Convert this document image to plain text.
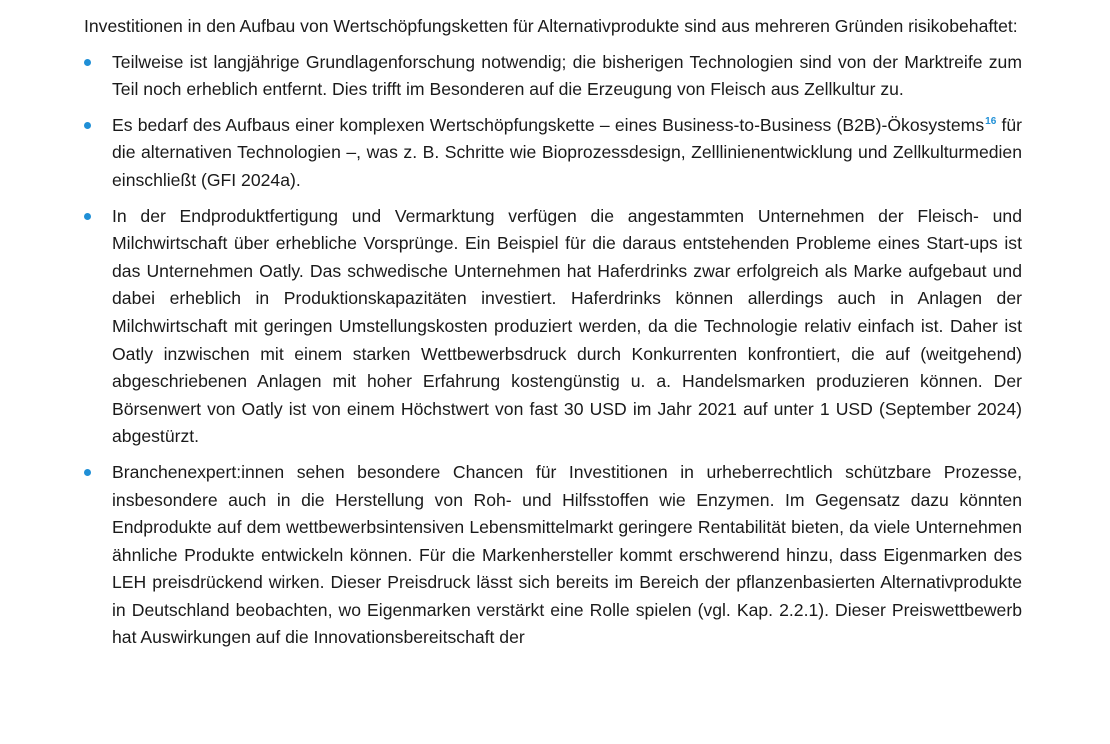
Investitionen in den Aufbau von Wertschöpfungsketten für Alternativprodukte sind aus mehreren Gründen risikobehaftet:

Teilweise ist langjährige Grundlagenforschung notwendig; die bisherigen Technologien sind von der Marktreife zum Teil noch erheblich entfernt. Dies trifft im Besonderen auf die Erzeugung von Fleisch aus Zellkultur zu.
Es bedarf des Aufbaus einer komplexen Wertschöpfungskette – eines Business-to-Business (B2B)-Ökosystems$^{16}$ für die alternativen Technologien –, was z. B. Schritte wie Bioprozessdesign, Zelllinienentwicklung und Zellkulturmedien einschließt (GFI 2024a).
In der Endproduktfertigung und Vermarktung verfügen die angestammten Unternehmen der Fleisch- und Milchwirtschaft über erhebliche Vorsprünge. Ein Beispiel für die daraus entstehenden Probleme eines Start-ups ist das Unternehmen Oatly. Das schwedische Unternehmen hat Haferdrinks zwar erfolgreich als Marke aufgebaut und dabei erheblich in Produktionskapazitäten investiert. Haferdrinks können allerdings auch in Anlagen der Milchwirtschaft mit geringen Umstellungskosten produziert werden, da die Technologie relativ einfach ist. Daher ist Oatly inzwischen mit einem starken Wettbewerbsdruck durch Konkurrenten konfrontiert, die auf (weitgehend) abgeschriebenen Anlagen mit hoher Erfahrung kostengünstig u. a. Handelsmarken produzieren können. Der Börsenwert von Oatly ist von einem Höchstwert von fast 30 USD im Jahr 2021 auf unter 1 USD (September 2024) abgestürzt.
Branchenexpert:innen sehen besondere Chancen für Investitionen in urheberrechtlich schützbare Prozesse, insbesondere auch in die Herstellung von Roh- und Hilfsstoffen wie Enzymen. Im Gegensatz dazu könnten Endprodukte auf dem wettbewerbsintensiven Lebensmittelmarkt geringere Rentabilität bieten, da viele Unternehmen ähnliche Produkte entwickeln können. Für die Markenhersteller kommt erschwerend hinzu, dass Eigenmarken des LEH preisdrückend wirken. Dieser Preisdruck lässt sich bereits im Bereich der pflanzenbasierten Alternativprodukte in Deutschland beobachten, wo Eigenmarken verstärkt eine Rolle spielen (vgl. Kap. 2.2.1). Dieser Preiswettbewerb hat Auswirkungen auf die Innovationsbereitschaft der
